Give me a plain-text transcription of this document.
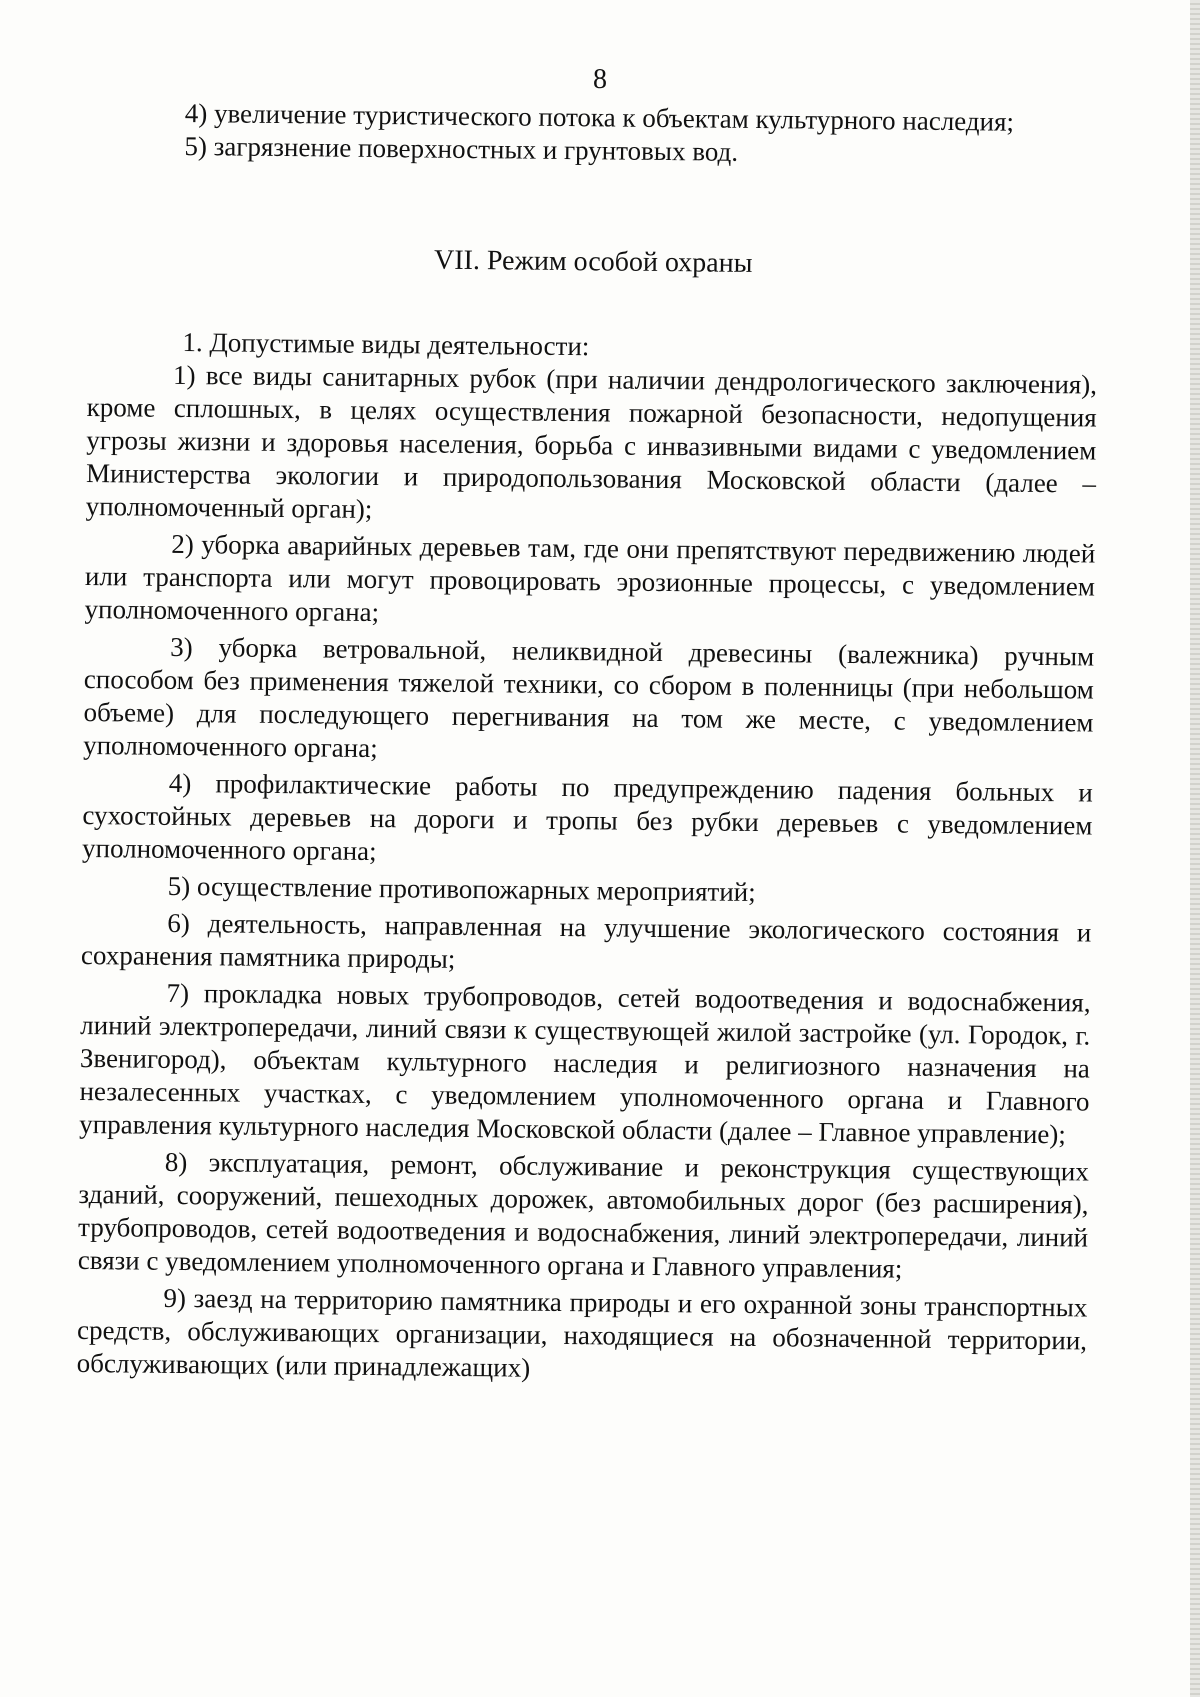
8

4) увеличение туристического потока к объектам культурного наследия;

5) загрязнение поверхностных и грунтовых вод.

VII. Режим особой охраны

1. Допустимые виды деятельности:

1) все виды санитарных рубок (при наличии дендрологического заключения), кроме сплошных, в целях осуществления пожарной безопасности, недопущения угрозы жизни и здоровья населения, борьба с инвазивными видами с уведомлением Министерства экологии и природопользования Московской области (далее – уполномоченный орган);

2) уборка аварийных деревьев там, где они препятствуют передвижению людей или транспорта или могут провоцировать эрозионные процессы, с уведомлением уполномоченного органа;

3) уборка ветровальной, неликвидной древесины (валежника) ручным способом без применения тяжелой техники, со сбором в поленницы (при небольшом объеме) для последующего перегнивания на том же месте, с уведомлением уполномоченного органа;

4) профилактические работы по предупреждению падения больных и сухостойных деревьев на дороги и тропы без рубки деревьев с уведомлением уполномоченного органа;

5) осуществление противопожарных мероприятий;

6) деятельность, направленная на улучшение экологического состояния и сохранения памятника природы;

7) прокладка новых трубопроводов, сетей водоотведения и водоснабжения, линий электропередачи, линий связи к существующей жилой застройке (ул. Городок, г. Звенигород), объектам культурного наследия и религиозного назначения на незалесенных участках, с уведомлением уполномоченного органа и Главного управления культурного наследия Московской области (далее – Главное управление);

8) эксплуатация, ремонт, обслуживание и реконструкция существующих зданий, сооружений, пешеходных дорожек, автомобильных дорог (без расширения), трубопроводов, сетей водоотведения и водоснабжения, линий электропередачи, линий связи с уведомлением уполномоченного органа и Главного управления;

9) заезд на территорию памятника природы и его охранной зоны транспортных средств, обслуживающих организации, находящиеся на обозначенной территории, обслуживающих (или принадлежащих)
